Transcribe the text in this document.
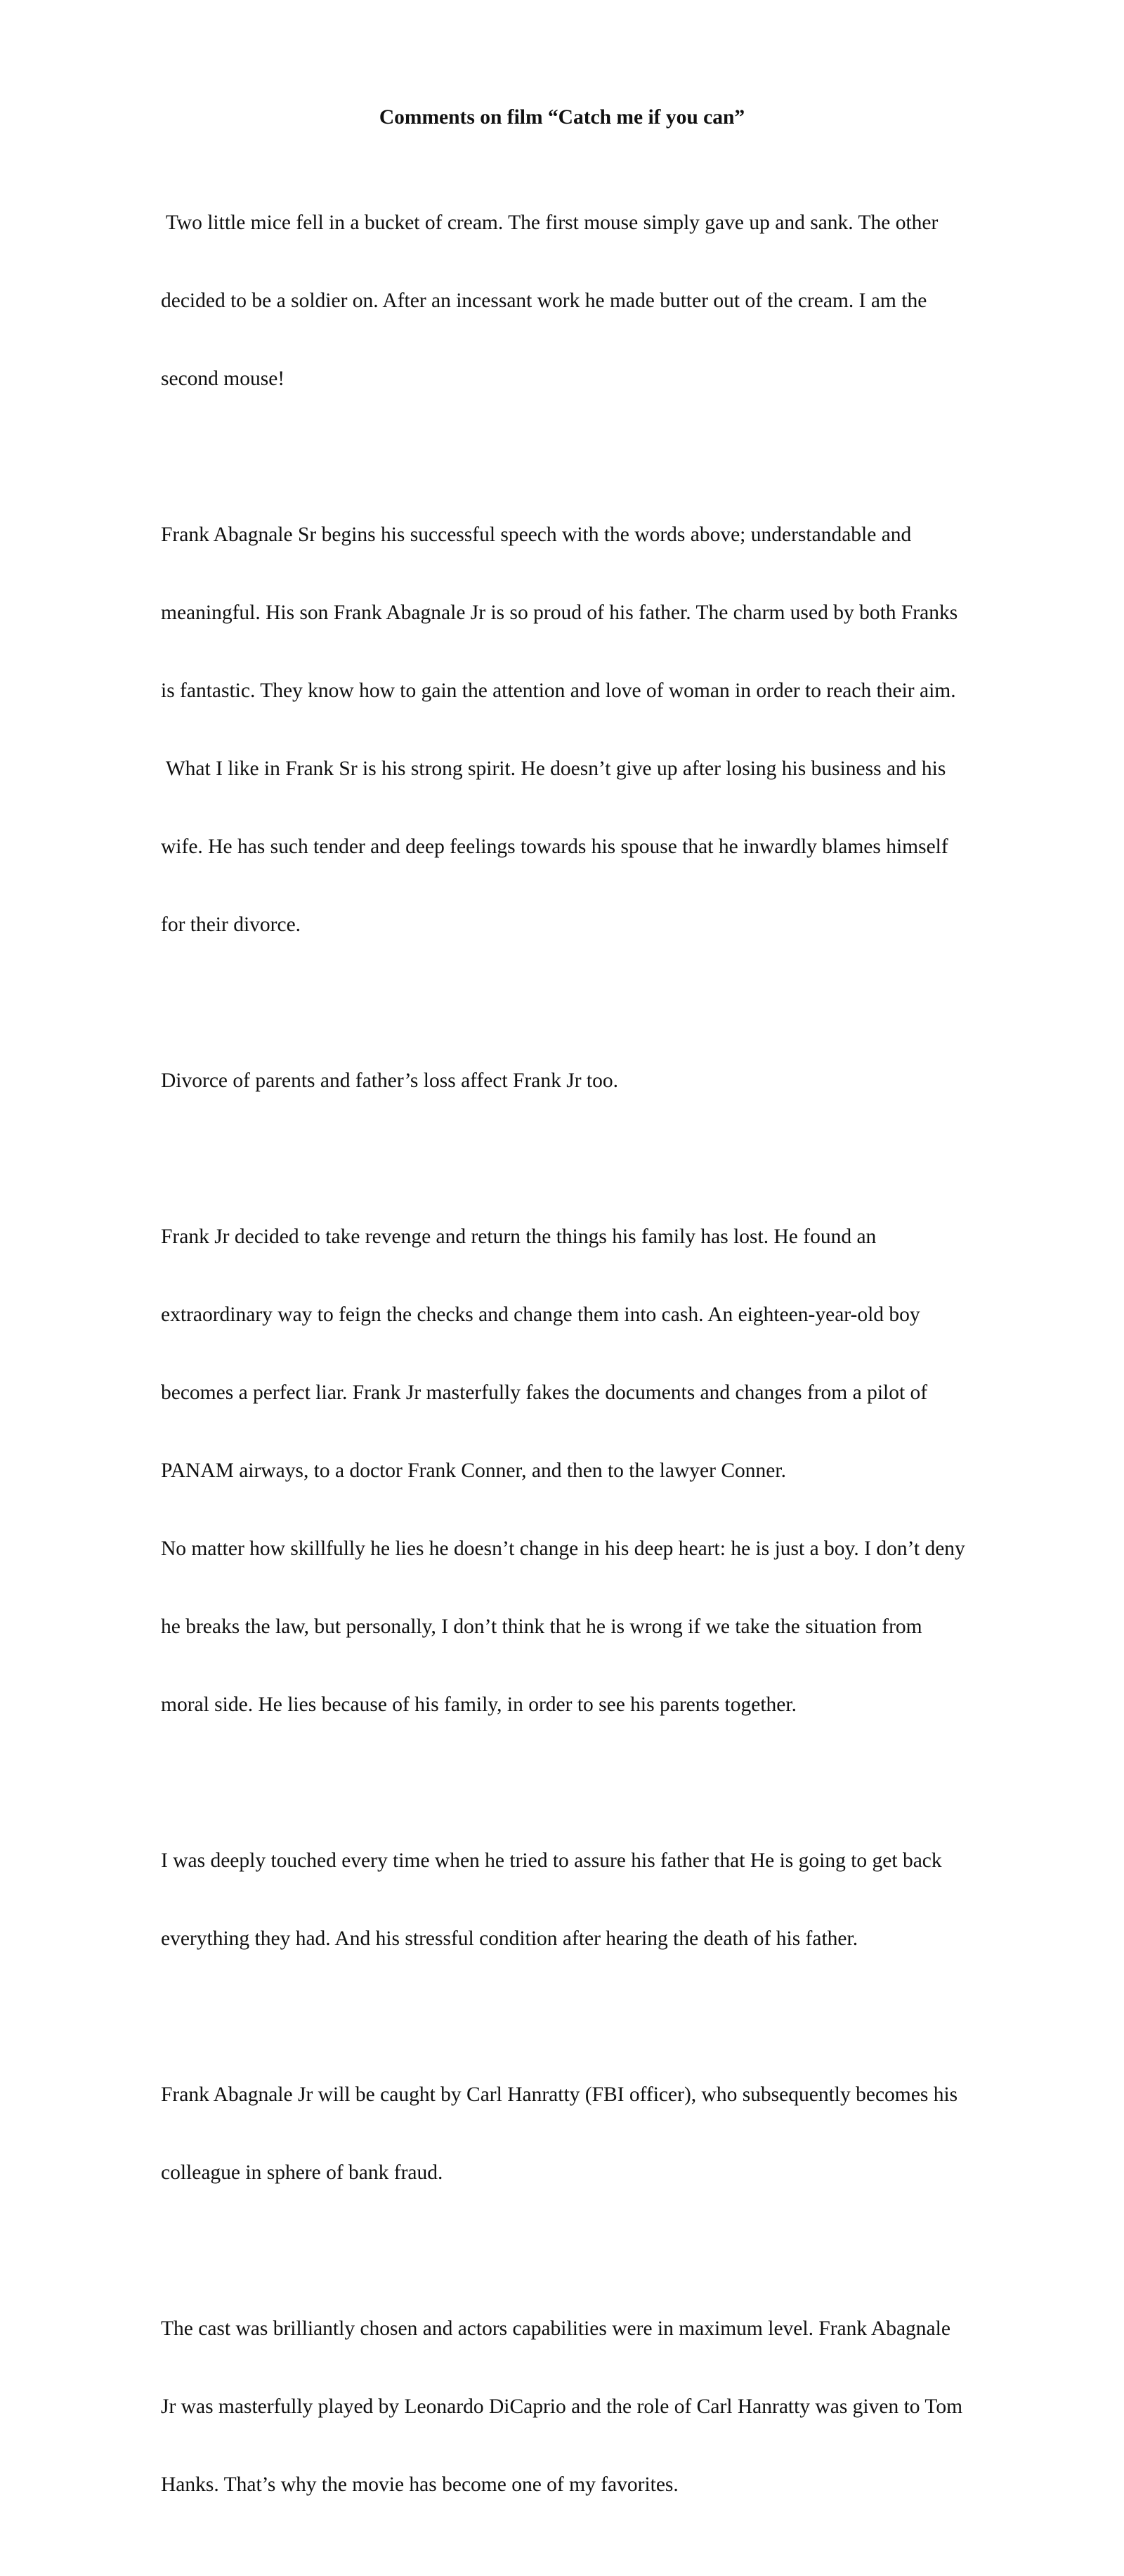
Comments on film “Catch me if you can”

Two little mice fell in a bucket of cream. The first mouse simply gave up and sank. The other

decided to be a soldier on. After an incessant work he made butter out of the cream. I am the

second mouse!

Frank Abagnale Sr begins his successful speech with the words above; understandable and

meaningful. His son Frank Abagnale Jr is so proud of his father. The charm used by both Franks

is fantastic. They know how to gain the attention and love of woman in order to reach their aim.

What I like in Frank Sr is his strong spirit. He doesn’t give up after losing his business and his

wife. He has such tender and deep feelings towards his spouse that he inwardly blames himself

for their divorce.

Divorce of parents and father’s loss affect Frank Jr too.

Frank Jr decided to take revenge and return the things his family has lost. He found an

extraordinary way to feign the checks and change them into cash. An eighteen-year-old boy

becomes a perfect liar. Frank Jr masterfully fakes the documents and changes from a pilot of

PANAM airways, to a doctor Frank Conner, and then to the lawyer Conner.

No matter how skillfully he lies he doesn’t change in his deep heart: he is just a boy. I don’t deny

he breaks the law, but personally, I don’t think that he is wrong if we take the situation from

moral side. He lies because of his family, in order to see his parents together.

I was deeply touched every time when he tried to assure his father that He is going to get back

everything they had. And his stressful condition after hearing the death of his father.

Frank Abagnale Jr will be caught by Carl Hanratty (FBI officer), who subsequently becomes his

colleague in sphere of bank fraud.

The cast was brilliantly chosen and actors capabilities were in maximum level. Frank Abagnale

Jr was masterfully played by Leonardo DiCaprio and the role of Carl Hanratty was given to Tom

Hanks. That’s why the movie has become one of my favorites.
